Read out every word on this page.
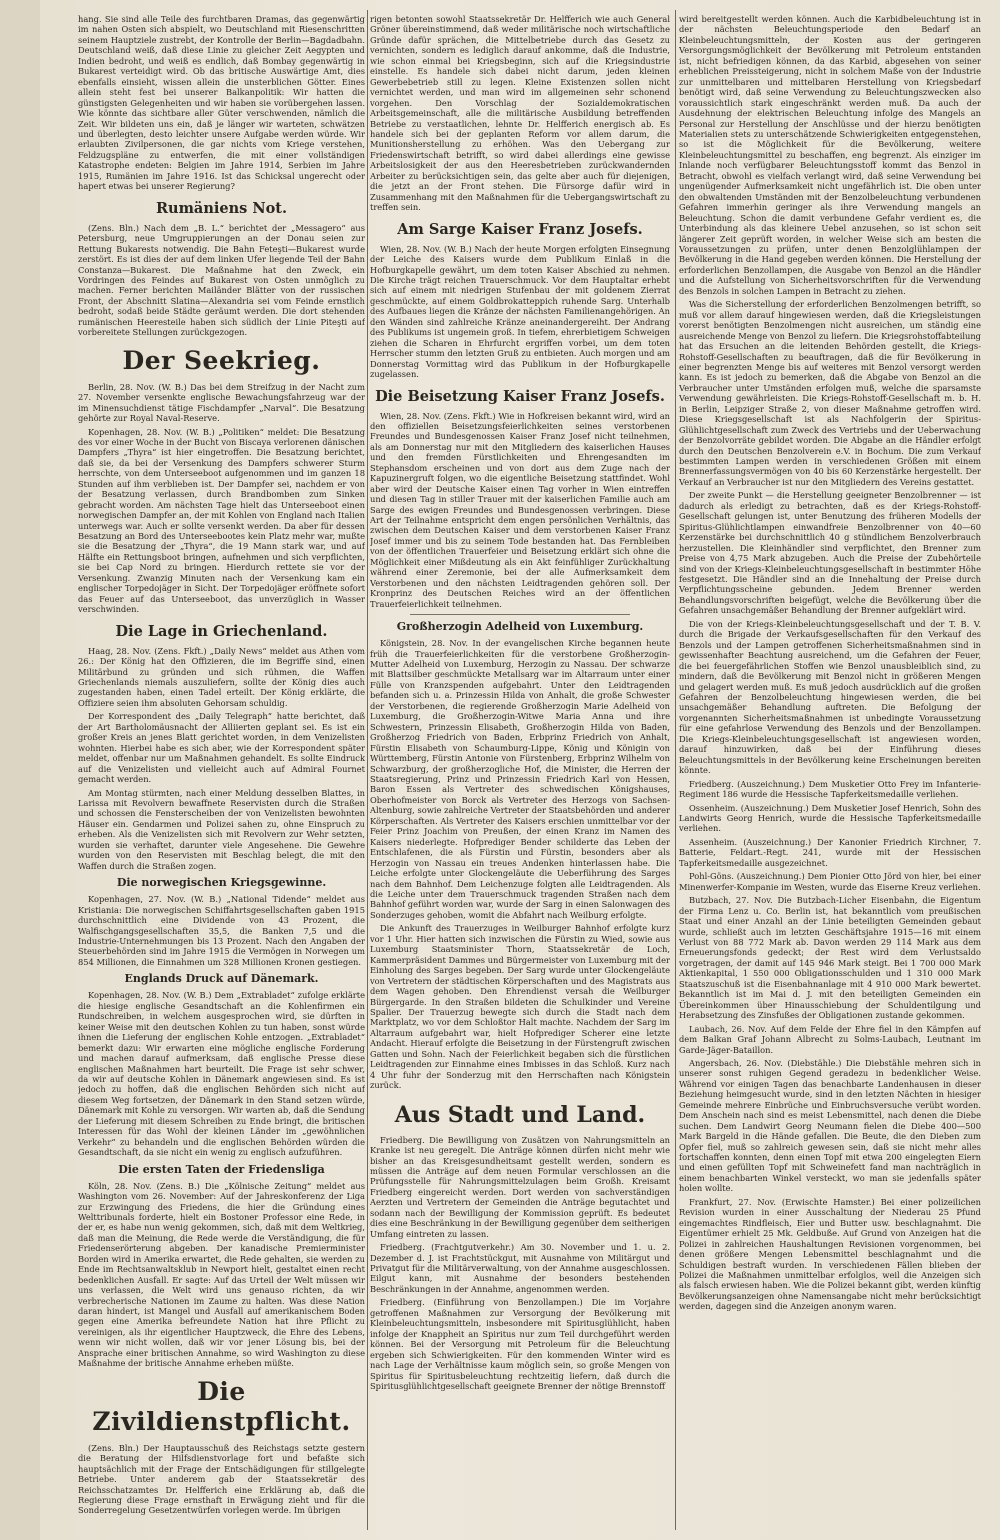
hang. Sie sind alle Teile des furchtbaren Dramas, das gegenwärtig im nahen Osten sich abspielt, wo Deutschland mit Riesenschritten seinem Hauptziele zustrebt, der Kontrolle der Berlin—Bagdadbahn. Deutschland weiß, daß diese Linie zu gleicher Zeit Aegypten und Indien bedroht, und weiß es endlich, daß Bombay gegenwärtig in Bukarest verteidigt wird. Ob das britische Auswärtige Amt, dies ebenfalls einsieht, wissen allein die unsterblichen Götter. Eines allein steht fest bei unserer Balkanpolitik: Wir hatten die günstigsten Gelegenheiten und wir haben sie vorübergehen lassen. Wie könnte das sichtbare aller Güter verschwenden, nämlich die Zeit. Wir bildeten uns ein, daß je länger wir warteten, schwätzen und überlegten, desto leichter unsere Aufgabe werden würde. Wir erlaubten Zivilpersonen, die gar nichts vom Kriege verstehen, Feldzugspläne zu entwerfen, die mit einer vollständigen Katastrophe endeten: Belgien im Jahre 1914, Serbien im Jahre 1915, Rumänien im Jahre 1916. Ist das Schicksal ungerecht oder hapert etwas bei unserer Regierung?

Rumäniens Not.

(Zens. Bln.) Nach dem „B. L.“ berichtet der „Messagero“ aus Petersburg, neue Umgruppierungen an der Donau seien zur Rettung Bukarests notwendig. Die Bahn Feteşti—Bukarest wurde zerstört. Es ist dies der auf dem linken Ufer liegende Teil der Bahn Constanza—Bukarest. Die Maßnahme hat den Zweck, ein Vordringen des Feindes auf Bukarest von Osten unmöglich zu machen. Ferner berichten Mailänder Blätter von der russischen Front, der Abschnitt Slatina—Alexandria sei vom Feinde ernstlich bedroht, sodaß beide Städte geräumt werden. Die dort stehenden rumänischen Heeresteile haben sich südlich der Linie Piteşti auf vorbereitete Stellungen zurückgezogen.

Der Seekrieg.

Berlin, 28. Nov. (W. B.) Das bei dem Streifzug in der Nacht zum 27. November versenkte englische Bewachungsfahrzeug war der im Minensuchdienst tätige Fischdampfer „Narval“. Die Besatzung gehörte zur Royal Naval-Reserve.

Kopenhagen, 28. Nov. (W. B.) „Politiken“ meldet: Die Besatzung des vor einer Woche in der Bucht von Biscaya verlorenen dänischen Dampfers „Thyra“ ist hier eingetroffen. Die Besatzung berichtet, daß sie, da bei der Versenkung des Dampfers schwerer Sturm herrschte, von dem Unterseeboot aufgenommen und im ganzen 18 Stunden auf ihm verblieben ist. Der Dampfer sei, nachdem er von der Besatzung verlassen, durch Brandbomben zum Sinken gebracht worden. Am nächsten Tage hielt das Unterseeboot einen norwegischen Dampfer an, der mit Kohlen von England nach Italien unterwegs war. Auch er sollte versenkt werden. Da aber für dessen Besatzung an Bord des Unterseebootes kein Platz mehr war, mußte sie die Besatzung der „Thyra“, die 19 Mann stark war, und auf Hälfte ein Rettungsboot bringen, aufnehmen und sich verpflichten, sie bei Cap Nord zu bringen. Hierdurch rettete sie vor der Versenkung. Zwanzig Minuten nach der Versenkung kam ein englischer Torpedojäger in Sicht. Der Torpedojäger eröffnete sofort das Feuer auf das Unterseeboot, das unverzüglich in Wasser verschwinden.

Die Lage in Griechenland.

Haag, 28. Nov. (Zens. Fkft.) „Daily News“ meldet aus Athen vom 26.: Der König hat den Offizieren, die im Begriffe sind, einen Militärbund zu gründen und sich rühmen, die Waffen Griechenlands niemals auszuliefern, sollte der König dies auch zugestanden haben, einen Tadel erteilt. Der König erklärte, die Offiziere seien ihm absoluten Gehorsam schuldig.

Der Korrespondent des „Daily Telegraph“ hatte berichtet, daß der Art Bartholomäusnacht der Alliierten geplant sei. Es ist ein großer Kreis an jenes Blatt gerichtet worden, in dem Venizelisten wohnten. Hierbei habe es sich aber, wie der Korrespondent später meldet, offenbar nur um Maßnahmen gehandelt. Es sollte Eindruck auf die Venizelisten und vielleicht auch auf Admiral Fournet gemacht werden.

Am Montag stürmten, nach einer Meldung desselben Blattes, in Larissa mit Revolvern bewaffnete Reservisten durch die Straßen und schossen die Fensterscheiben der von Venizelisten bewohnten Häuser ein. Gendarmen und Polizei sahen zu, ohne Einspruch zu erheben. Als die Venizelisten sich mit Revolvern zur Wehr setzten, wurden sie verhaftet, darunter viele Angesehene. Die Gewehre wurden von den Reservisten mit Beschlag belegt, die mit den Waffen durch die Straßen zogen.

Die norwegischen Kriegsgewinne.

Kopenhagen, 27. Nov. (W. B.) „National Tidende“ meldet aus Kristiania: Die norwegischen Schiffahrtsgesellschaften gaben 1915 durchschnittlich eine Dividende von 43 Prozent, die Walfischgangsgesellschaften 35,5, die Banken 7,5 und die Industrie-Unternehmungen bis 13 Prozent. Nach den Angaben der Steuerbehörden sind im Jahre 1915 die Vermögen in Norwegen um 854 Millionen, die Einnahmen um 328 Millionen Kronen gestiegen.

Englands Druck auf Dänemark.

Kopenhagen, 28. Nov. (W. B.) Dem „Extrabladet“ zufolge erklärte die hiesige englische Gesandtschaft an die Kohlenfirmen ein Rundschreiben, in welchem ausgesprochen wird, sie dürften in keiner Weise mit den deutschen Kohlen zu tun haben, sonst würde ihnen die Lieferung der englischen Kohle entzogen. „Extrabladet“ bemerkt dazu: Wir erwarten eine mögliche englische Forderung und machen darauf aufmerksam, daß englische Presse diese englischen Maßnahmen hart beurteilt. Die Frage ist sehr schwer, da wir auf deutsche Kohlen in Dänemark angewiesen sind. Es ist jedoch zu hoffen, daß die englischen Behörden sich nicht auf diesem Weg fortsetzen, der Dänemark in den Stand setzen würde, Dänemark mit Kohle zu versorgen. Wir warten ab, daß die Sendung der Lieferung mit diesem Schreiben zu Ende bringt, die britischen Interessen für das Wohl der kleinen Länder im „gewöhnlichen Verkehr“ zu behandeln und die englischen Behörden würden die Gesandtschaft, da sie nicht ein wenig zu englisch aufzuführen.

Die ersten Taten der Friedensliga

Köln, 28. Nov. (Zens. B.) Die „Kölnische Zeitung“ meldet aus Washington vom 26. November: Auf der Jahreskonferenz der Liga zur Erzwingung des Friedens, die hier die Gründung eines Welttribunals forderte, hielt ein Bostoner Professor eine Rede, in der er, es habe nun wenig gekommen, sich, daß mit dem Weltkrieg, daß man die Meinung, die Rede werde die Verständigung, die für Friedenserörterung abgeben. Der kanadische Premierminister Borden wird in Amerika erwartet, die Rede gehalten, sie werden zu Ende im Rechtsanwaltsklub in Newport hielt, gestaltet einen recht bedenklichen Ausfall. Er sagte: Auf das Urteil der Welt müssen wir uns verlassen, die Welt wird uns genauso richten, da wir verbrecherische Nationen im Zaume zu halten. Was diese Nation daran hindert, ist Mangel und Ausfall auf amerikanischem Boden gegen eine Amerika befreundete Nation hat ihre Pflicht zu vereinigen, als ihr eigentlicher Hauptzweck, die Ehre des Lebens, wenn wir nicht wollen, daß wir vor jener Lösung bis, bei der Ansprache einer britischen Annahme, so wird Washington zu diese Maßnahme der britische Annahme erheben müßte.

Die Zivildienstpflicht.

(Zens. Bln.) Der Hauptausschuß des Reichstags setzte gestern die Beratung der Hilfsdienstvorlage fort und befaßte sich hauptsächlich mit der Frage der Entschädigungen für stillgelegte Betriebe. Unter anderem gab der Staatssekretär des Reichsschatzamtes Dr. Helfferich eine Erklärung ab, daß die Regierung diese Frage ernsthaft in Erwägung zieht und für die Sonderregelung Gesetzentwürfen vorlegen werde. Im übrigen

rigen betonten sowohl Staatssekretär Dr. Helfferich wie auch General Gröner übereinstimmend, daß weder militärische noch wirtschaftliche Gründe dafür sprächen, die Mittelbetriebe durch das Gesetz zu vernichten, sondern es lediglich darauf ankomme, daß die Industrie, wie schon einmal bei Kriegsbeginn, sich auf die Kriegsindustrie einstelle. Es handele sich dabei nicht darum, jeden kleinen Gewerbebetrieb still zu legen. Kleine Existenzen sollen nicht vernichtet werden, und man wird im allgemeinen sehr schonend vorgehen. Den Vorschlag der Sozialdemokratischen Arbeitsgemeinschaft, alle die militärische Ausbildung betreffenden Betriebe zu verstaatlichen, lehnte Dr. Helfferich energisch ab. Es handele sich bei der geplanten Reform vor allem darum, die Munitionsherstellung zu erhöhen. Was den Uebergang zur Friedenswirtschaft betrifft, so wird dabei allerdings eine gewisse Arbeitslosigkeit der aus den Heeresbetrieben zurückwandernden Arbeiter zu berücksichtigen sein, das gelte aber auch für diejenigen, die jetzt an der Front stehen. Die Fürsorge dafür wird in Zusammenhang mit den Maßnahmen für die Uebergangswirtschaft zu treffen sein.

Am Sarge Kaiser Franz Josefs.

Wien, 28. Nov. (W. B.) Nach der heute Morgen erfolgten Einsegnung der Leiche des Kaisers wurde dem Publikum Einlaß in die Hofburgkapelle gewährt, um dem toten Kaiser Abschied zu nehmen. Die Kirche trägt reichen Trauerschmuck. Vor dem Hauptaltar erhebt sich auf einem mit niedrigen Stufenbau der mit goldenem Zierrat geschmückte, auf einem Goldbrokatteppich ruhende Sarg. Unterhalb des Aufbaues liegen die Kränze der nächsten Familienangehörigen. An den Wänden sind zahlreiche Kränze aneinandergereiht. Der Andrang des Publikums ist ungemein groß. In tiefem, ehrerbietigem Schweigen ziehen die Scharen in Ehrfurcht ergriffen vorbei, um dem toten Herrscher stumm den letzten Gruß zu entbieten. Auch morgen und am Donnerstag Vormittag wird das Publikum in der Hofburgkapelle zugelassen.

Die Beisetzung Kaiser Franz Josefs.

Wien, 28. Nov. (Zens. Fkft.) Wie in Hofkreisen bekannt wird, wird an den offiziellen Beisetzungsfeierlichkeiten seines verstorbenen Freundes und Bundesgenossen Kaiser Franz Josef nicht teilnehmen, als am Donnerstag nur mit den Mitgliedern des kaiserlichen Hauses und den fremden Fürstlichkeiten und Ehrengesandten im Stephansdom erscheinen und von dort aus dem Zuge nach der Kapuzinergruft folgen, wo die eigentliche Beisetzung stattfindet. Wohl aber wird der Deutsche Kaiser einen Tag vorher in Wien eintreffen und diesen Tag in stiller Trauer mit der kaiserlichen Familie auch am Sarge des ewigen Freundes und Bundesgenossen verbringen. Diese Art der Teilnahme entspricht dem engen persönlichen Verhältnis, das zwischen dem Deutschen Kaiser und dem verstorbenen Kaiser Franz Josef immer und bis zu seinem Tode bestanden hat. Das Fernbleiben von der öffentlichen Trauerfeier und Beisetzung erklärt sich ohne die Möglichkeit einer Mißdeutung als ein Akt feinfühliger Zurückhaltung während einer Zeremonie, bei der alle Aufmerksamkeit dem Verstorbenen und den nächsten Leidtragenden gehören soll. Der Kronprinz des Deutschen Reiches wird an der öffentlichen Trauerfeierlichkeit teilnehmen.

Großherzogin Adelheid von Luxemburg.

Königstein, 28. Nov. In der evangelischen Kirche begannen heute früh die Trauerfeierlichkeiten für die verstorbene Großherzogin-Mutter Adelheid von Luxemburg, Herzogin zu Nassau. Der schwarze mit Blattsilber geschmückte Metallsarg war im Altarraum unter einer Fülle von Kranzspenden aufgebahrt. Unter den Leidtragenden befanden sich u. a. Prinzessin Hilda von Anhalt, die große Schwester der Verstorbenen, die regierende Großherzogin Marie Adelheid von Luxemburg, die Großherzogin-Witwe Maria Anna und ihre Schwestern, Prinzessin Elisabeth, Großherzogin Hilda von Baden, Großherzog Friedrich von Baden, Erbprinz Friedrich von Anhalt, Fürstin Elisabeth von Schaumburg-Lippe, König und Königin von Württemberg, Fürstin Antonie von Fürstenberg, Erbprinz Wilhelm von Schwarzburg, der großherzogliche Hof, die Minister, die Herren der Staatsregierung, Prinz und Prinzessin Friedrich Karl von Hessen, Baron Essen als Vertreter des schwedischen Königshauses, Oberhofmeister von Borck als Vertreter des Herzogs von Sachsen-Altenburg, sowie zahlreiche Vertreter der Staatsbehörden und anderer Körperschaften. Als Vertreter des Kaisers erschien unmittelbar vor der Feier Prinz Joachim von Preußen, der einen Kranz im Namen des Kaisers niederlegte. Hofprediger Bender schilderte das Leben der Entschlafenen, die als Fürstin und Fürstin, besonders aber als Herzogin von Nassau ein treues Andenken hinterlassen habe. Die Leiche erfolgte unter Glockengeläute die Ueberführung des Sarges nach dem Bahnhof. Dem Leichenzuge folgten alle Leidtragenden. Als die Leiche unter dem Trauerschmuck tragenden Straßen nach dem Bahnhof geführt worden war, wurde der Sarg in einen Salonwagen des Sonderzuges gehoben, womit die Abfahrt nach Weilburg erfolgte.

Die Ankunft des Trauerzuges in Weilburger Bahnhof erfolgte kurz vor 1 Uhr. Hier hatten sich inzwischen die Fürstin zu Wied, sowie aus Luxemburg Staatsminister Thorn, Staatssekretär de Loch, Kammerpräsident Dammes und Bürgermeister von Luxemburg mit der Einholung des Sarges begeben. Der Sarg wurde unter Glockengeläute von Vertretern der städtischen Körperschaften und des Magistrats aus dem Wagen gehoben. Den Ehrendienst versah die Weilburger Bürgergarde. In den Straßen bildeten die Schulkinder und Vereine Spalier. Der Trauerzug bewegte sich durch die Stadt nach dem Marktplatz, wo vor dem Schloßtor Halt machte. Nachdem der Sarg im Altarraum aufgebahrt war, hielt Hofprediger Scherer eine letzte Andacht. Hierauf erfolgte die Beisetzung in der Fürstengruft zwischen Gatten und Sohn. Nach der Feierlichkeit begaben sich die fürstlichen Leidtragenden zur Einnahme eines Imbisses in das Schloß. Kurz nach 4 Uhr fuhr der Sonderzug mit den Herrschaften nach Königstein zurück.

Aus Stadt und Land.

Friedberg. Die Bewilligung von Zusätzen von Nahrungsmitteln an Kranke ist neu geregelt. Die Anträge können dürfen nicht mehr wie bisher an das Kreisgesundheitsamt gestellt werden, sondern es müssen die Anträge auf dem neuen Formular verschlossen an die Prüfungsstelle für Nahrungsmittelzulagen beim Großh. Kreisamt Friedberg eingereicht werden. Dort werden von sachverständigen Aerzten und Vertretern der Gemeinden die Anträge begutachtet und sodann nach der Bewilligung der Kommission geprüft. Es bedeutet dies eine Beschränkung in der Bewilligung gegenüber dem seitherigen Umfang eintreten zu lassen.

Friedberg. (Frachtgutverkehr.) Am 30. November und 1. u. 2. Dezember d. J. ist Frachtstückgut, mit Ausnahme von Militärgut und Privatgut für die Militärverwaltung, von der Annahme ausgeschlossen. Eilgut kann, mit Ausnahme der besonders bestehenden Beschränkungen in der Annahme, angenommen werden.

Friedberg. (Einführung von Benzollampen.) Die im Vorjahre getroffenen Maßnahmen zur Versorgung der Bevölkerung mit Kleinbeleuchtungsmitteln, insbesondere mit Spiritusglühlicht, haben infolge der Knappheit an Spiritus nur zum Teil durchgeführt werden können. Bei der Versorgung mit Petroleum für die Beleuchtung ergeben sich Schwierigkeiten. Für den kommenden Winter wird es nach Lage der Verhältnisse kaum möglich sein, so große Mengen von Spiritus für Spiritusbeleuchtung rechtzeitig liefern, daß durch die Spiritusglühlichtgesellschaft geeignete Brenner der nötige Brennstoff

wird bereitgestellt werden können. Auch die Karbidbeleuchtung ist in der nächsten Beleuchtungsperiode den Bedarf an Kleinbeleuchtungsmitteln, der Kosten aus der geringeren Versorgungsmöglichkeit der Bevölkerung mit Petroleum entstanden ist, nicht befriedigen können, da das Karbid, abgesehen von seiner erheblichen Preissteigerung, nicht in solchem Maße von der Industrie zur unmittelbaren und mittelbaren Herstellung von Kriegsbedarf benötigt wird, daß seine Verwendung zu Beleuchtungszwecken also voraussichtlich stark eingeschränkt werden muß. Da auch der Ausdehnung der elektrischen Beleuchtung infolge des Mangels an Personal zur Herstellung der Anschlüsse und der hierzu benötigten Materialien stets zu unterschätzende Schwierigkeiten entgegenstehen, so ist die Möglichkeit für die Bevölkerung, weitere Kleinbeleuchtungsmittel zu beschaffen, eng begrenzt. Als einziger im Inlande noch verfügbarer Beleuchtungsstoff kommt das Benzol in Betracht, obwohl es vielfach verlangt wird, daß seine Verwendung bei ungenügender Aufmerksamkeit nicht ungefährlich ist. Die oben unter den obwaltenden Umständen mit der Benzolbeleuchtung verbundenen Gefahren immerhin geringer als ihre Verwendung mangels an Beleuchtung. Schon die damit verbundene Gefahr verdient es, die Unterbindung als das kleinere Uebel anzusehen, so ist schon seit längerer Zeit geprüft worden, in welcher Weise sich am besten die Voraussetzungen zu prüfen, unter denen Benzolglühlampen der Bevölkerung in die Hand gegeben werden können. Die Herstellung der erforderlichen Benzollampen, die Ausgabe von Benzol an die Händler und die Aufstellung von Sicherheitsvorschriften für die Verwendung des Benzols in solchen Lampen in Betracht zu ziehen.

Was die Sicherstellung der erforderlichen Benzolmengen betrifft, so muß vor allem darauf hingewiesen werden, daß die Kriegsleistungen vorerst benötigten Benzolmengen nicht ausreichen, um ständig eine ausreichende Menge von Benzol zu liefern. Die Kriegsrohstoffabteilung hat das Ersuchen an die leitenden Behörden gestellt, die Kriegs-Rohstoff-Gesellschaften zu beauftragen, daß die für Bevölkerung in einer begrenzten Menge bis auf weiteres mit Benzol versorgt werden kann. Es ist jedoch zu bemerken, daß die Abgabe von Benzol an die Verbraucher unter Umständen erfolgen muß, welche die sparsamste Verwendung gewährleisten. Die Kriegs-Rohstoff-Gesellschaft m. b. H. in Berlin, Leipziger Straße 2, von dieser Maßnahme getroffen wird. Diese Kriegsgesellschaft ist als Nachfolgerin der Spiritus-Glühlichtgesellschaft zum Zweck des Vertriebs und der Ueberwachung der Benzolvorräte gebildet worden. Die Abgabe an die Händler erfolgt durch den Deutschen Benzolverein e.V. in Bochum. Die zum Verkauf bestimmten Lampen werden in verschiedenen Größen mit einem Brennerfassungsvermögen von 40 bis 60 Kerzenstärke hergestellt. Der Verkauf an Verbraucher ist nur den Mitgliedern des Vereins gestattet.

Der zweite Punkt — die Herstellung geeigneter Benzolbrenner — ist dadurch als erledigt zu betrachten, daß es der Kriegs-Rohstoff-Gesellschaft gelungen ist, unter Benutzung des früheren Modells der Spiritus-Glühlichtlampen einwandfreie Benzolbrenner von 40—60 Kerzenstärke bei durchschnittlich 40 g stündlichem Benzolverbrauch herzustellen. Die Kleinhändler sind verpflichtet, den Brenner zum Preise von 4,75 Mark abzugeben. Auch die Preise der Zubehörteile sind von der Kriegs-Kleinbeleuchtungsgesellschaft in bestimmter Höhe festgesetzt. Die Händler sind an die Innehaltung der Preise durch Verpflichtungsscheine gebunden. Jedem Brenner werden Behandlungsvorschriften beigefügt, welche die Bevölkerung über die Gefahren unsachgemäßer Behandlung der Brenner aufgeklärt wird.

Die von der Kriegs-Kleinbeleuchtungsgesellschaft und der T. B. V. durch die Brigade der Verkaufsgesellschaften für den Verkauf des Benzols und der Lampen getroffenen Sicherheitsmaßnahmen sind in gewissenhafter Beachtung ausreichend, um die Gefahren der Feuer, die bei feuergefährlichen Stoffen wie Benzol unausbleiblich sind, zu mindern, daß die Bevölkerung mit Benzol nicht in größeren Mengen und gelagert werden muß. Es muß jedoch ausdrücklich auf die großen Gefahren der Benzolbeleuchtung hingewiesen werden, die bei unsachgemäßer Behandlung auftreten. Die Befolgung der vorgenannten Sicherheitsmaßnahmen ist unbedingte Voraussetzung für eine gefahrlose Verwendung des Benzols und der Benzollampen. Die Kriegs-Kleinbeleuchtungsgesellschaft ist angewiesen worden, darauf hinzuwirken, daß bei der Einführung dieses Beleuchtungsmittels in der Bevölkerung keine Erscheinungen bereiten könnte.

Friedberg. (Auszeichnung.) Dem Musketier Otto Frey im Infanterie-Regiment 186 wurde die Hessische Tapferkeitsmedaille verliehen.

Ossenheim. (Auszeichnung.) Dem Musketier Josef Henrich, Sohn des Landwirts Georg Henrich, wurde die Hessische Tapferkeitsmedaille verliehen.

Assenheim. (Auszeichnung.) Der Kanonier Friedrich Kirchner, 7. Batterie, Feldart.-Regt. 241, wurde mit der Hessischen Tapferkeitsmedaille ausgezeichnet.

Pohl-Göns. (Auszeichnung.) Dem Pionier Otto Jörd von hier, bei einer Minenwerfer-Kompanie im Westen, wurde das Eiserne Kreuz verliehen.

Butzbach, 27. Nov. Die Butzbach-Licher Eisenbahn, die Eigentum der Firma Lenz u. Co. Berlin ist, hat bekanntlich vom preußischen Staat und einer Anzahl an der Linie beteiligten Gemeinden gebaut wurde, schließt auch im letzten Geschäftsjahre 1915—16 mit einem Verlust von 88 772 Mark ab. Davon werden 29 114 Mark aus dem Erneuerungsfonds gedeckt; der Rest wird dem Verlustsaldo vorgetragen, der damit auf 145 946 Mark steigt. Bei 1 700 000 Mark Aktienkapital, 1 550 000 Obligationsschulden und 1 310 000 Mark Staatszuschuß ist die Eisenbahnanlage mit 4 910 000 Mark bewertet. Bekanntlich ist im Mai d. J. mit den beteiligten Gemeinden ein Übereinkommen über Hinausschiebung der Schuldentilgung und Herabsetzung des Zinsfußes der Obligationen zustande gekommen.

Laubach, 26. Nov. Auf dem Felde der Ehre fiel in den Kämpfen auf dem Balkan Graf Johann Albrecht zu Solms-Laubach, Leutnant im Garde-Jäger-Bataillon.

Angersbach, 26. Nov. (Diebstähle.) Die Diebstähle mehren sich in unserer sonst ruhigen Gegend geradezu in bedenklicher Weise. Während vor einigen Tagen das benachbarte Landenhausen in dieser Beziehung heimgesucht wurde, sind in den letzten Nächten in hiesiger Gemeinde mehrere Einbrüche und Einbruchsversuche verübt worden. Dem Anschein nach sind es meist Lebensmittel, nach denen die Diebe suchen. Dem Landwirt Georg Neumann fielen die Diebe 400—500 Mark Bargeld in die Hände gefallen. Die Beute, die den Dieben zum Opfer fiel, muß so zahlreich gewesen sein, daß sie nicht mehr alles fortschaffen konnten, denn einen Topf mit etwa 200 eingelegten Eiern und einen gefüllten Topf mit Schweinefett fand man nachträglich in einem benachbarten Winkel versteckt, wo man sie jedenfalls später holen wollte.

Frankfurt, 27. Nov. (Erwischte Hamster.) Bei einer polizeilichen Revision wurden in einer Ausschaltung der Niederau 25 Pfund eingemachtes Rindfleisch, Eier und Butter usw. beschlagnahmt. Die Eigentümer erhielt 25 Mk. Geldbuße. Auf Grund von Anzeigen hat die Polizei in zahlreichen Haushaltungen Revisionen vorgenommen, bei denen größere Mengen Lebensmittel beschlagnahmt und die Schuldigen bestraft wurden. In verschiedenen Fällen blieben der Polizei die Maßnahmen unmittelbar erfolglos, weil die Anzeigen sich als falsch erwiesen haben. Wie die Polizei bekannt gibt, werden künftig Bevölkerungsanzeigen ohne Namensangabe nicht mehr berücksichtigt werden, dagegen sind die Anzeigen anonym waren.
